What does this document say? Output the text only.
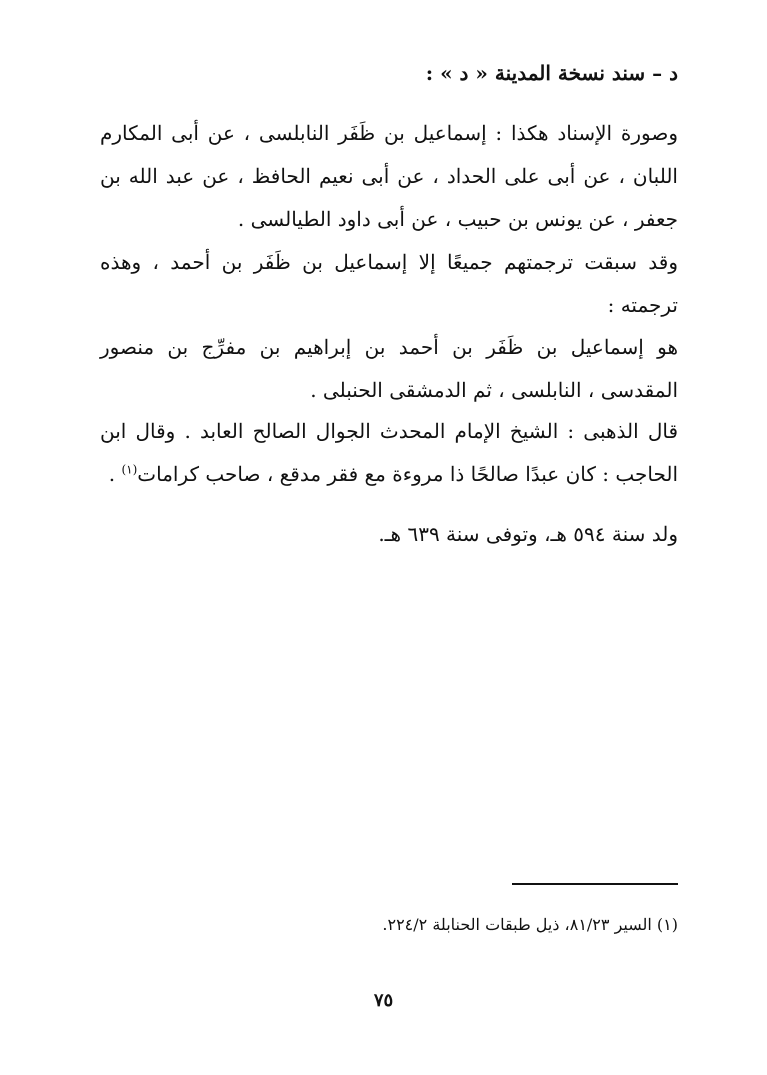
د – سند نسخة المدينة « د » :

وصورة الإسناد هكذا : إسماعيل بن ظَفَر النابلسى ، عن أبى المكارم اللبان ، عن أبى على الحداد ، عن أبى نعيم الحافظ ، عن عبد الله بن جعفر ، عن يونس بن حبيب ، عن أبى داود الطيالسى .

وقد سبقت ترجمتهم جميعًا إلا إسماعيل بن ظَفَر بن أحمد ، وهذه ترجمته :

هو إسماعيل بن ظَفَر بن أحمد بن إبراهيم بن مفرِّج بن منصور المقدسى ، النابلسى ، ثم الدمشقى الحنبلى .

قال الذهبى : الشيخ الإمام المحدث الجوال الصالح العابد . وقال ابن الحاجب : كان عبدًا صالحًا ذا مروءة مع فقر مدقع ، صاحب كرامات$^{(١)}$ .

ولد سنة ٥٩٤ هـ، وتوفى سنة ٦٣٩ هـ.

(١) السير ٨١/٢٣، ذيل طبقات الحنابلة ٢٢٤/٢.
٧٥
